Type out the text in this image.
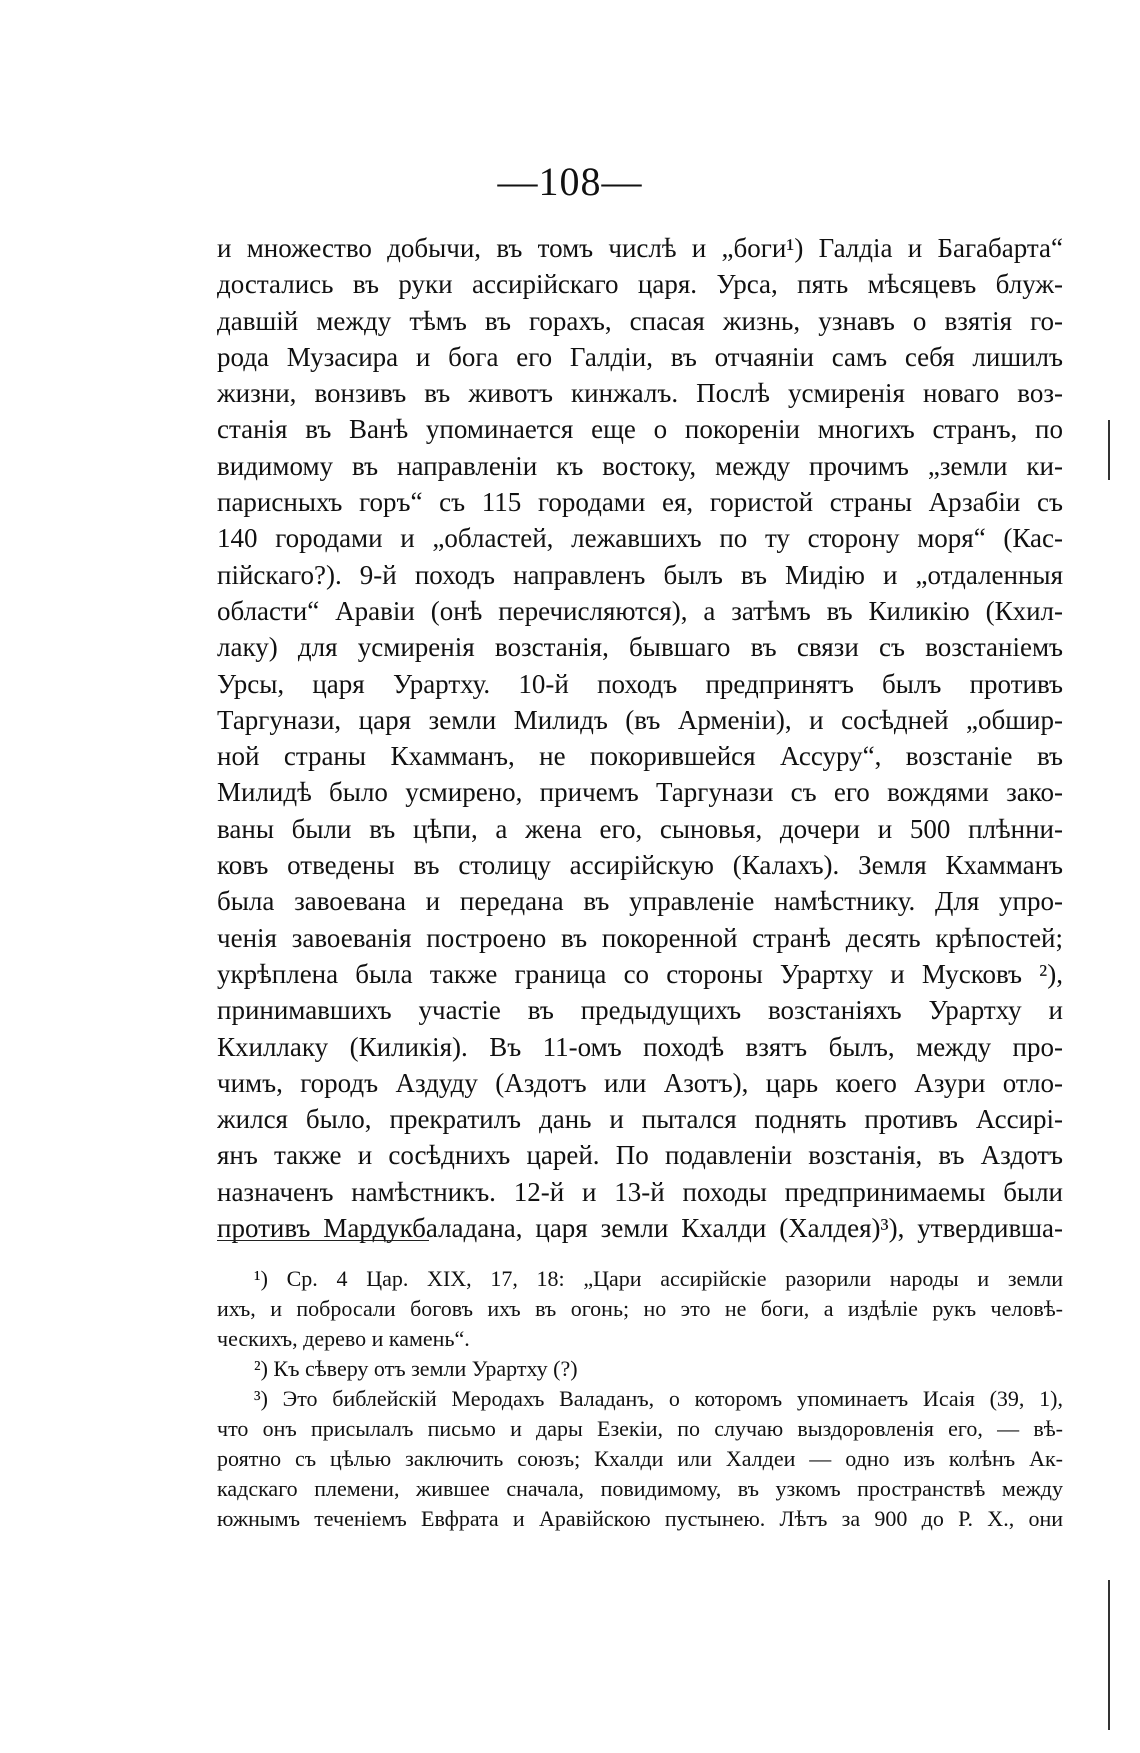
—108—
и множество добычи, въ томъ числѣ и „боги¹) Галдіа и Багабарта“
достались въ руки ассирійскаго царя. Урса, пять мѣсяцевъ блуж-
давшій между тѣмъ въ горахъ, спасая жизнь, узнавъ о взятія го-
рода Музасира и бога его Галдіи, въ отчаяніи самъ себя лишилъ
жизни, вонзивъ въ животъ кинжалъ. Послѣ усмиренія новаго воз-
станія въ Ванѣ упоминается еще о покореніи многихъ странъ, по
видимому въ направленіи къ востоку, между прочимъ „земли ки-
парисныхъ горъ“ съ 115 городами ея, гористой страны Арзабіи съ
140 городами и „областей, лежавшихъ по ту сторону моря“ (Кас-
пійскаго?). 9-й походъ направленъ былъ въ Мидію и „отдаленныя
области“ Аравіи (онѣ перечисляются), а затѣмъ въ Киликію (Кхил-
лаку) для усмиренія возстанія, бывшаго въ связи съ возстаніемъ
Урсы, царя Урартху. 10-й походъ предпринятъ былъ противъ
Таргунази, царя земли Милидъ (въ Арменіи), и сосѣдней „обшир-
ной страны Кхамманъ, не покорившейся Ассуру“, возстаніе въ
Милидѣ было усмирено, причемъ Таргунази съ его вождями зако-
ваны были въ цѣпи, а жена его, сыновья, дочери и 500 плѣнни-
ковъ отведены въ столицу ассирійскую (Калахъ). Земля Кхамманъ
была завоевана и передана въ управленіе намѣстнику. Для упро-
ченія завоеванія построено въ покоренной странѣ десять крѣпостей;
укрѣплена была также граница со стороны Урартху и Мусковъ ²),
принимавшихъ участіе въ предыдущихъ возстаніяхъ Урартху и
Кхиллаку (Киликія). Въ 11-омъ походѣ взятъ былъ, между про-
чимъ, городъ Аздуду (Аздотъ или Азотъ), царь коего Азури отло-
жился было, прекратилъ дань и пытался поднять противъ Ассирі-
янъ также и сосѣднихъ царей. По подавленіи возстанія, въ Аздотъ
назначенъ намѣстникъ. 12-й и 13-й походы предпринимаемы были
противъ Мардукбаладана, царя земли Кхалди (Халдея)³), утвердивша-
¹) Ср. 4 Цар. XIX, 17, 18: „Цари ассирійскіе разорили народы и земли
ихъ, и побросали боговъ ихъ въ огонь; но это не боги, а издѣліе рукъ человѣ-
ческихъ, дерево и камень“.
²) Къ сѣверу отъ земли Урартху (?)
³) Это библейскій Меродахъ Валаданъ, о которомъ упоминаетъ Исаія (39, 1),
что онъ присылалъ письмо и дары Езекіи, по случаю выздоровленія его, — вѣ-
роятно съ цѣлью заключить союзъ; Кхалди или Халдеи — одно изъ колѣнъ Ак-
кадскаго племени, жившее сначала, повидимому, въ узкомъ пространствѣ между
южнымъ теченіемъ Евфрата и Аравійскою пустынею. Лѣтъ за 900 до Р. Х., они
